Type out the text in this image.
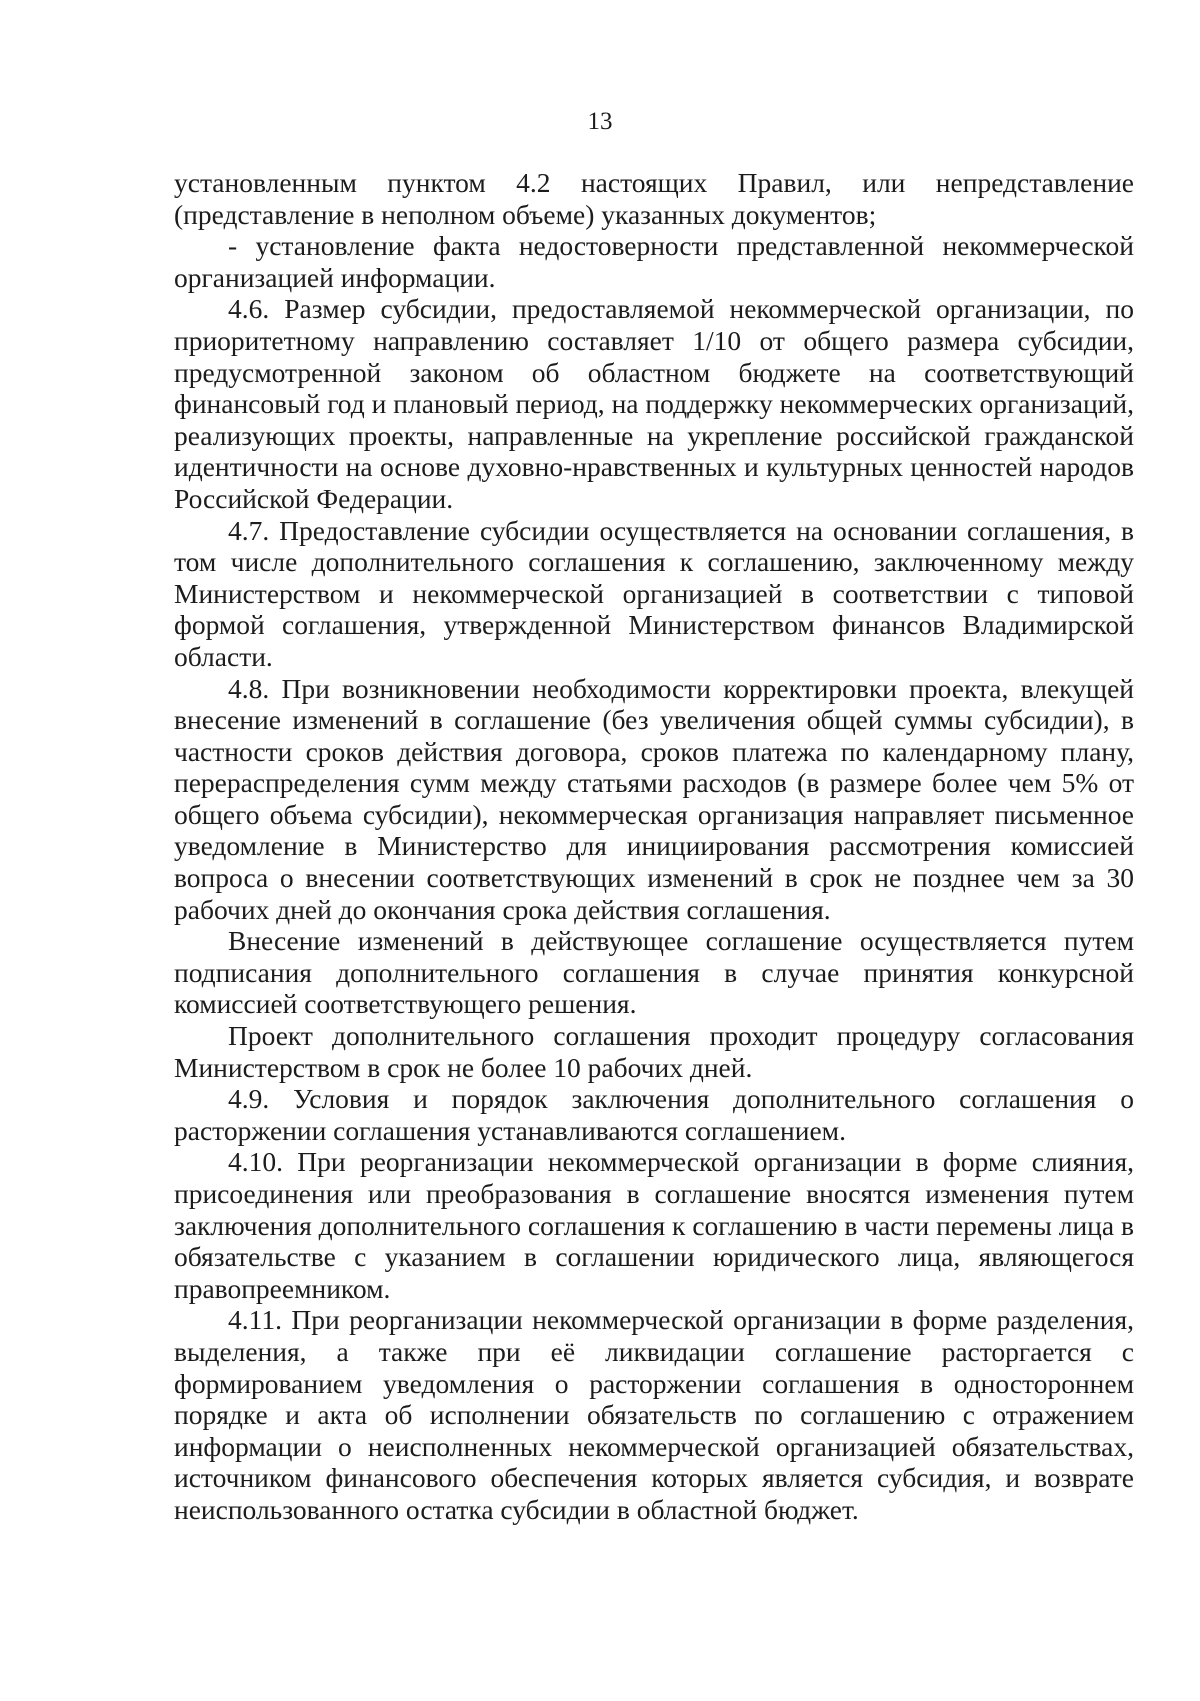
13

установленным пунктом 4.2 настоящих Правил, или непредставление (представление в неполном объеме) указанных документов;

- установление факта недостоверности представленной некоммерческой организацией информации.

4.6. Размер субсидии, предоставляемой некоммерческой организации, по приоритетному направлению составляет 1/10 от общего размера субсидии, предусмотренной законом об областном бюджете на соответствующий финансовый год и плановый период, на поддержку некоммерческих организаций, реализующих проекты, направленные на укрепление российской гражданской идентичности на основе духовно-нравственных и культурных ценностей народов Российской Федерации.

4.7. Предоставление субсидии осуществляется на основании соглашения, в том числе дополнительного соглашения к соглашению, заключенному между Министерством и некоммерческой организацией в соответствии с типовой формой соглашения, утвержденной Министерством финансов Владимирской области.

4.8. При возникновении необходимости корректировки проекта, влекущей внесение изменений в соглашение (без увеличения общей суммы субсидии), в частности сроков действия договора, сроков платежа по календарному плану, перераспределения сумм между статьями расходов (в размере более чем 5% от общего объема субсидии), некоммерческая организация направляет письменное уведомление в Министерство для инициирования рассмотрения комиссией вопроса о внесении соответствующих изменений в срок не позднее чем за 30 рабочих дней до окончания срока действия соглашения.

Внесение изменений в действующее соглашение осуществляется путем подписания дополнительного соглашения в случае принятия конкурсной комиссией соответствующего решения.

Проект дополнительного соглашения проходит процедуру согласования Министерством в срок не более 10 рабочих дней.

4.9. Условия и порядок заключения дополнительного соглашения о расторжении соглашения устанавливаются соглашением.

4.10. При реорганизации некоммерческой организации в форме слияния, присоединения или преобразования в соглашение вносятся изменения путем заключения дополнительного соглашения к соглашению в части перемены лица в обязательстве с указанием в соглашении юридического лица, являющегося правопреемником.

4.11. При реорганизации некоммерческой организации в форме разделения, выделения, а также при её ликвидации соглашение расторгается с формированием уведомления о расторжении соглашения в одностороннем порядке и акта об исполнении обязательств по соглашению с отражением информации о неисполненных некоммерческой организацией обязательствах, источником финансового обеспечения которых является субсидия, и возврате неиспользованного остатка субсидии в областной бюджет.
